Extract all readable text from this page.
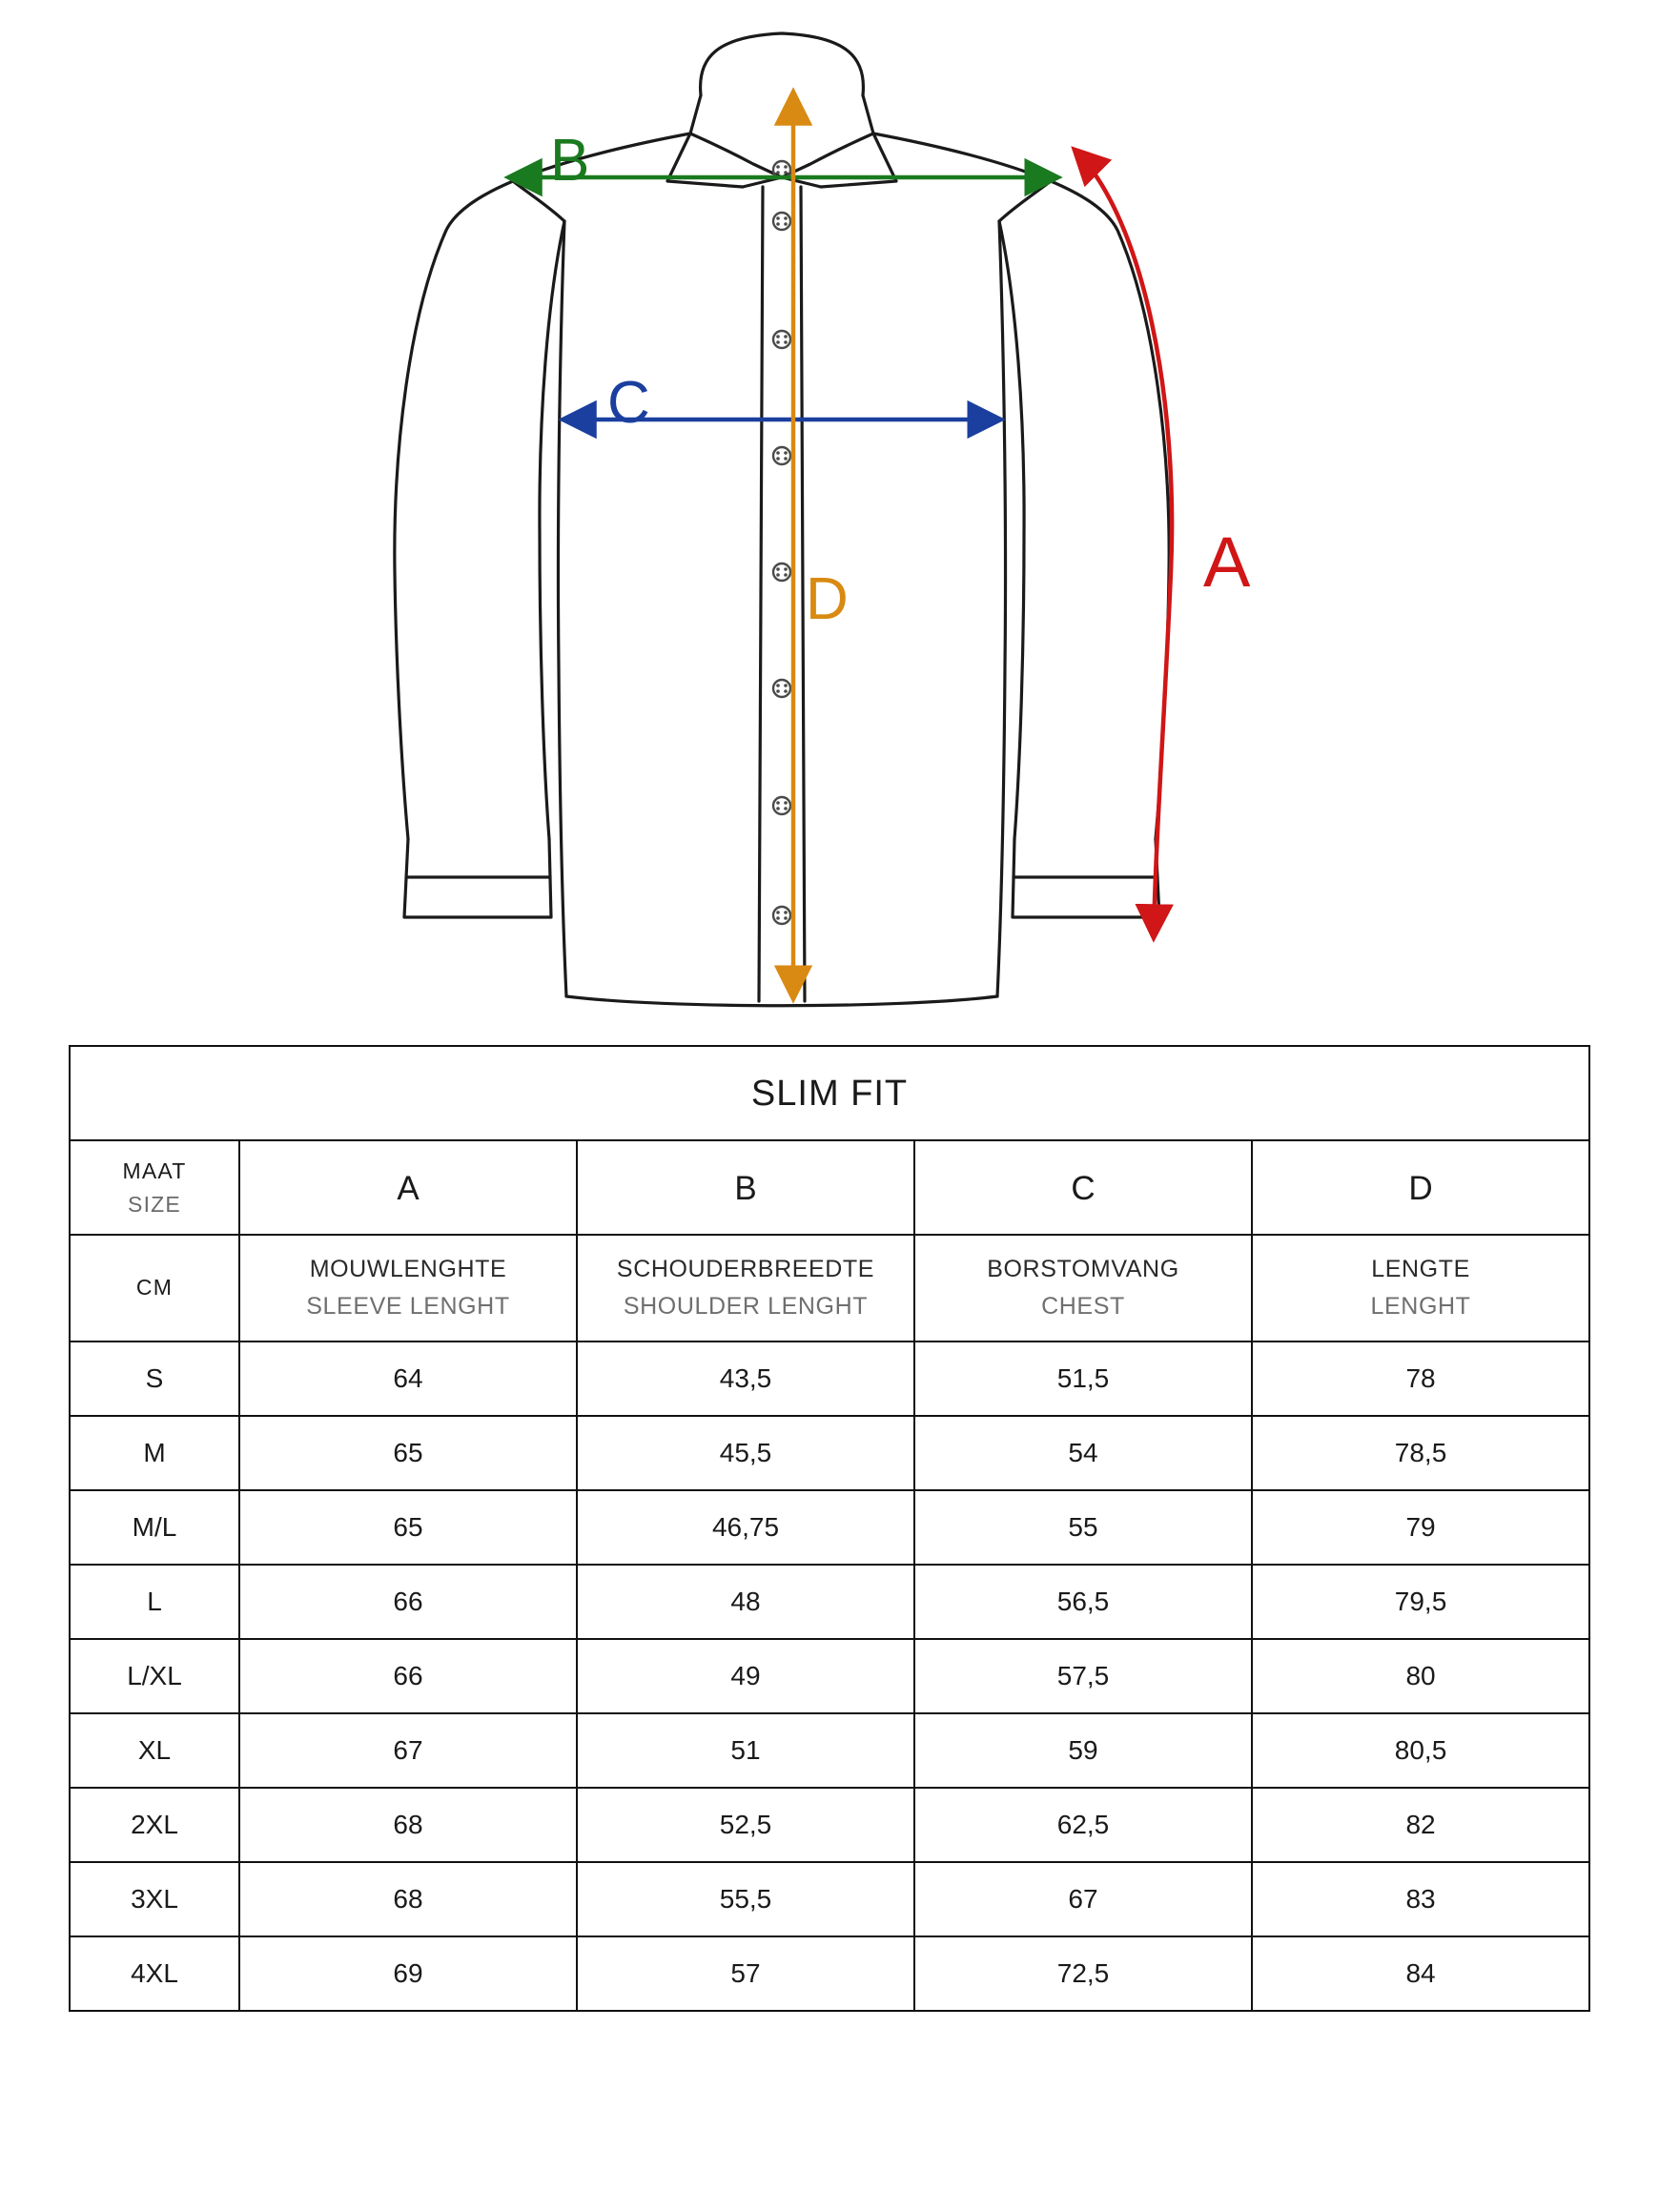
B
C
D	A
SLIM FIT				

MAAT
SIZE	A	B	C	D
CM	
MOUWLENGHTE
SLEEVE LENGHT

SCHOUDERBREEDTE
SHOULDER LENGHT

BORSTOMVANG
CHEST

LENGTE
LENGHT

S	64	43,5	51,5	78
M	65	45,5	54	78,5
M/L	65	46,75	55	79
L	66	48	56,5	79,5
L/XL	66	49	57,5	80
XL	67	51	59	80,5
2XL	68	52,5	62,5	82
3XL	68	55,5	67	83
4XL	69	57	72,5	84
